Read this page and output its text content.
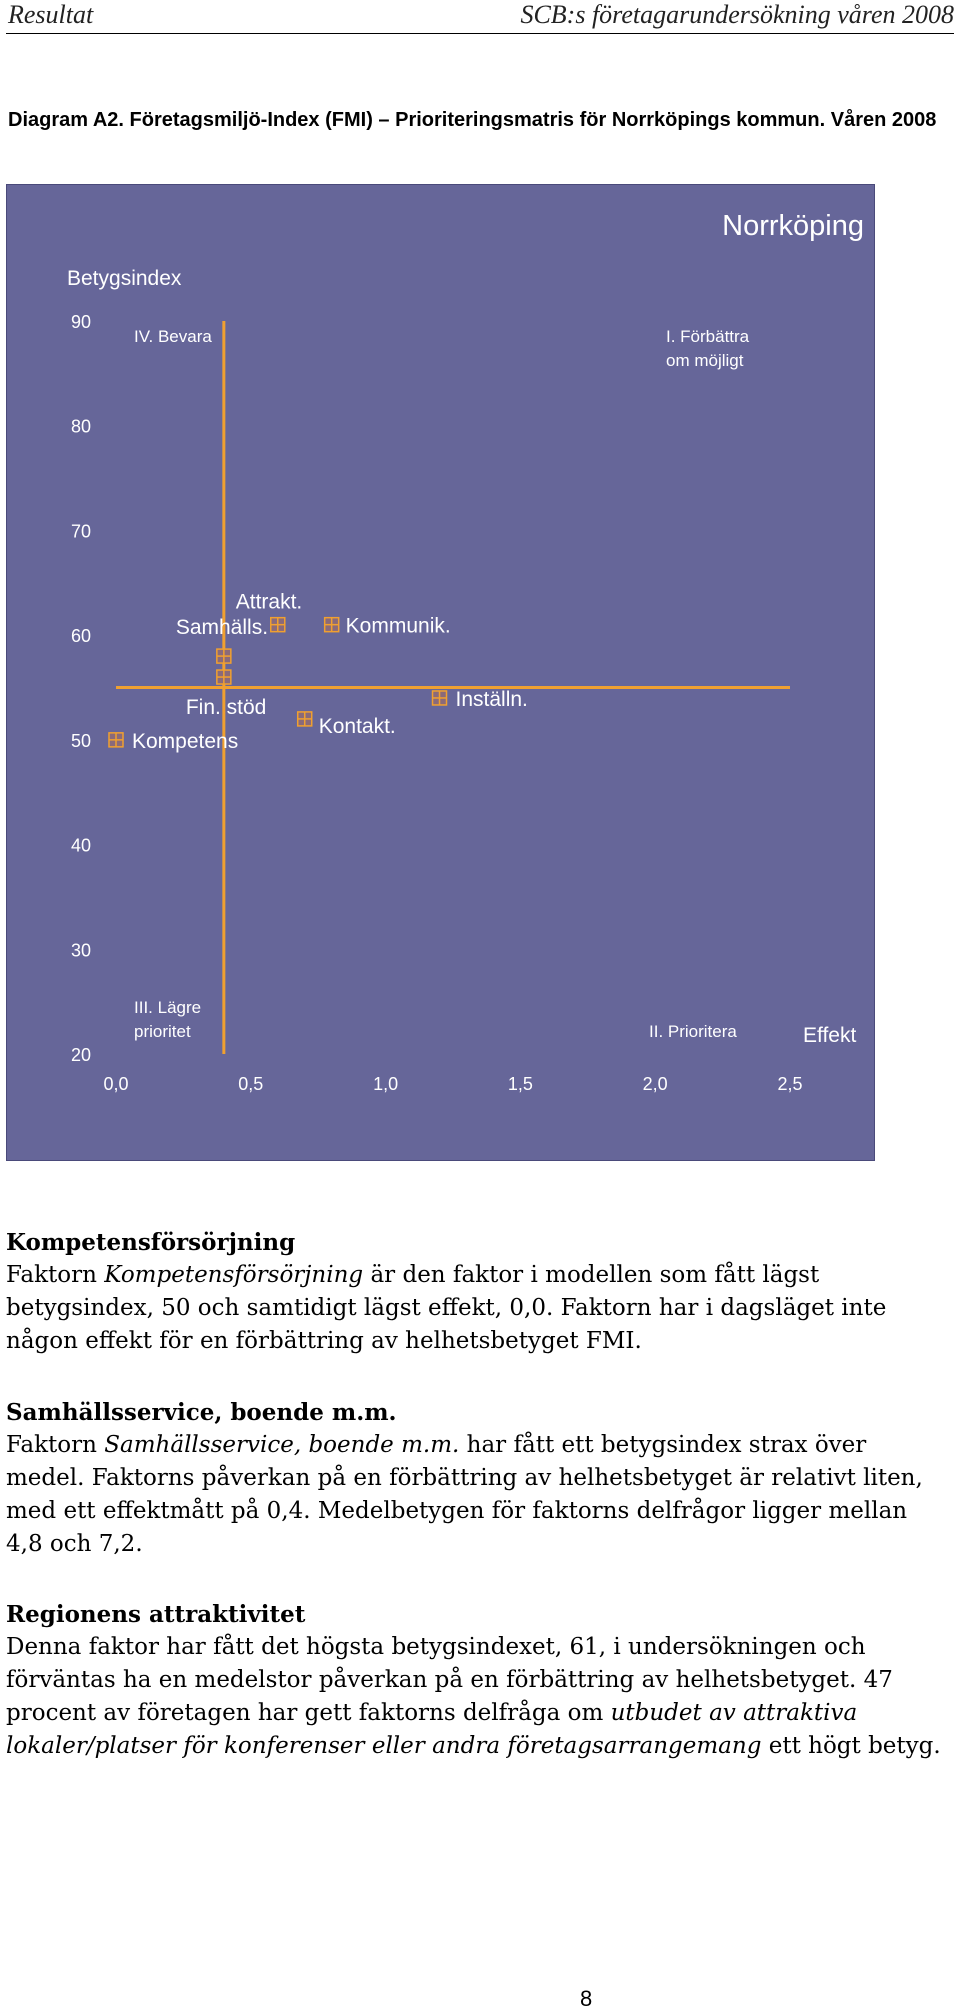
Resultat	SCB:s företagarundersökning våren 2008
Diagram A2. Företagsmiljö-Index (FMI) – Prioriteringsmatris för Norrköpings kommun. Våren 2008
Norrköping
Betygsindex
Effekt
20
30
40
50
60
70
80
90
0,0	0,5	1,0	1,5	2,0	2,5
IV. Bevara	I. Förbättra
om möjligt
III. Lägre
prioritet	II. Prioritera
Attrakt.
Kommunik.
Samhälls.
Fin. stöd	Inställn.
Kontakt.
Kompetens
Kompetensförsörjning
Faktorn Kompetensförsörjning är den faktor i modellen som fått lägst betygsindex, 50 och samtidigt lägst effekt, 0,0. Faktorn har i dagsläget inte någon effekt för en förbättring av helhetsbetyget FMI.
Samhällsservice, boende m.m.
Faktorn Samhällsservice, boende m.m. har fått ett betygsindex strax över medel. Faktorns påverkan på en förbättring av helhetsbetyget är relativt liten, med ett effektmått på 0,4. Medelbetygen för faktorns delfrågor ligger mellan 4,8 och 7,2.
Regionens attraktivitet
Denna faktor har fått det högsta betygsindexet, 61, i undersökningen och förväntas ha en medelstor påverkan på en förbättring av helhetsbetyget. 47 procent av företagen har gett faktorns delfråga om utbudet av attraktiva lokaler/platser för konferenser eller andra företagsarrangemang ett högt betyg.
8
